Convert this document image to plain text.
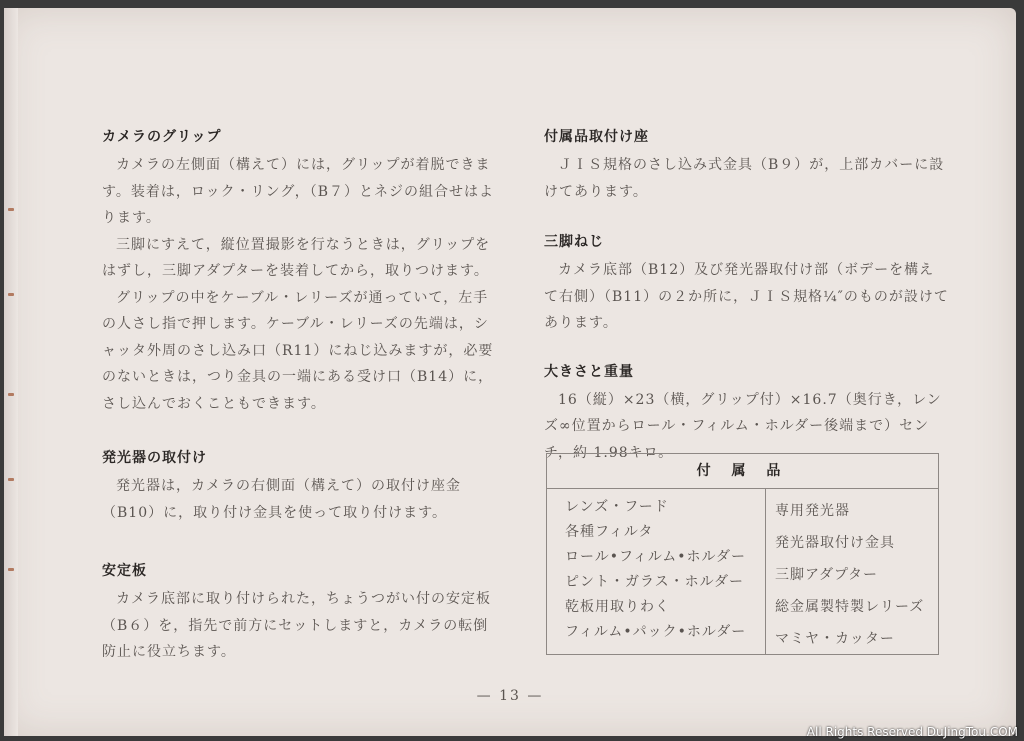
カメラのグリップ

カメラの左側面（構えて）には，グリップが着脱できます。装着は，ロック・リング，（B７）とネジの組合せはよります。

三脚にすえて，縦位置撮影を行なうときは，グリップをはずし，三脚アダプターを装着してから，取りつけます。

グリップの中をケーブル・レリーズが通っていて，左手の人さし指で押します。ケーブル・レリーズの先端は，シャッタ外周のさし込み口（R11）にねじ込みますが，必要のないときは，つり金具の一端にある受け口（B14）に，さし込んでおくこともできます。

発光器の取付け

発光器は，カメラの右側面（構えて）の取付け座金（B10）に，取り付け金具を使って取り付けます。

安定板

カメラ底部に取り付けられた，ちょうつがい付の安定板（B６）を，指先で前方にセットしますと，カメラの転倒防止に役立ちます。

付属品取付け座

ＪＩＳ規格のさし込み式金具（B９）が，上部カバーに設けてあります。

三脚ねじ

カメラ底部（B12）及び発光器取付け部（ボデーを構えて右側）（B11）の２か所に，ＪＩＳ規格¼″のものが設けてあります。

大きさと重量

16（縦）×23（横，グリップ付）×16.7（奥行き，レンズ∞位置からロール・フィルム・ホルダー後端まで）センチ，約 1.98キロ。

— 13 —
付 属 品
レンズ・フード
各種フィルタ
ロール•フィルム•ホルダー
ピント・ガラス・ホルダー
乾板用取りわく
フィルム•パック•ホルダー
専用発光器
発光器取付け金具
三脚アダプター
総金属製特製レリーズ
マミヤ・カッター
All Rights Reserved DuJingTou.COM
